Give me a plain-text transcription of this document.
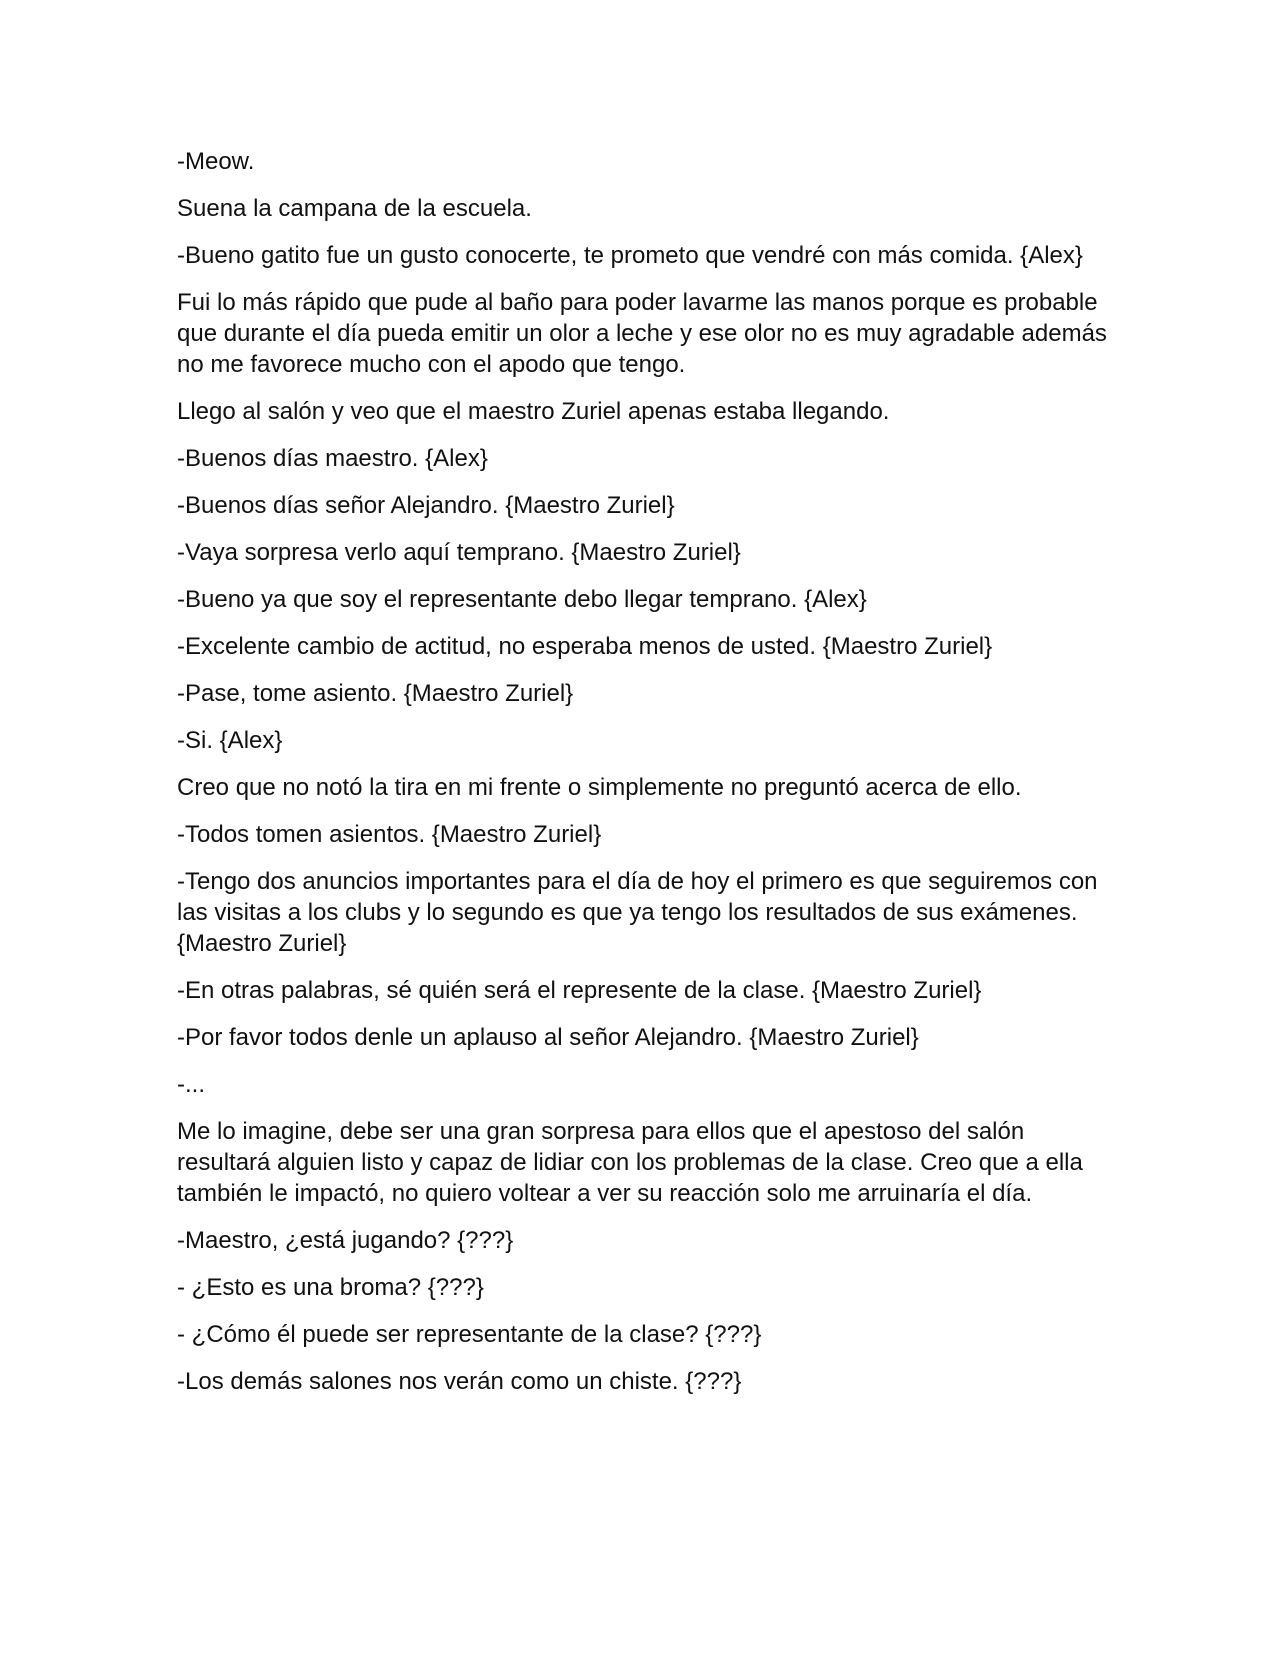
-Meow.

Suena la campana de la escuela.

-Bueno gatito fue un gusto conocerte, te prometo que vendré con más comida. {Alex}

Fui lo más rápido que pude al baño para poder lavarme las manos porque es probable que durante el día pueda emitir un olor a leche y ese olor no es muy agradable además no me favorece mucho con el apodo que tengo.

Llego al salón y veo que el maestro Zuriel apenas estaba llegando.

-Buenos días maestro. {Alex}

-Buenos días señor Alejandro. {Maestro Zuriel}

-Vaya sorpresa verlo aquí temprano. {Maestro Zuriel}

-Bueno ya que soy el representante debo llegar temprano. {Alex}

-Excelente cambio de actitud, no esperaba menos de usted. {Maestro Zuriel}

-Pase, tome asiento. {Maestro Zuriel}

-Si. {Alex}

Creo que no notó la tira en mi frente o simplemente no preguntó acerca de ello.

-Todos tomen asientos. {Maestro Zuriel}

-Tengo dos anuncios importantes para el día de hoy el primero es que seguiremos con las visitas a los clubs y lo segundo es que ya tengo los resultados de sus exámenes. {Maestro Zuriel}

-En otras palabras, sé quién será el represente de la clase. {Maestro Zuriel}

-Por favor todos denle un aplauso al señor Alejandro. {Maestro Zuriel}

-...

Me lo imagine, debe ser una gran sorpresa para ellos que el apestoso del salón resultará alguien listo y capaz de lidiar con los problemas de la clase. Creo que a ella también le impactó, no quiero voltear a ver su reacción solo me arruinaría el día.

-Maestro, ¿está jugando? {???}

- ¿Esto es una broma? {???}

- ¿Cómo él puede ser representante de la clase? {???}

-Los demás salones nos verán como un chiste. {???}
